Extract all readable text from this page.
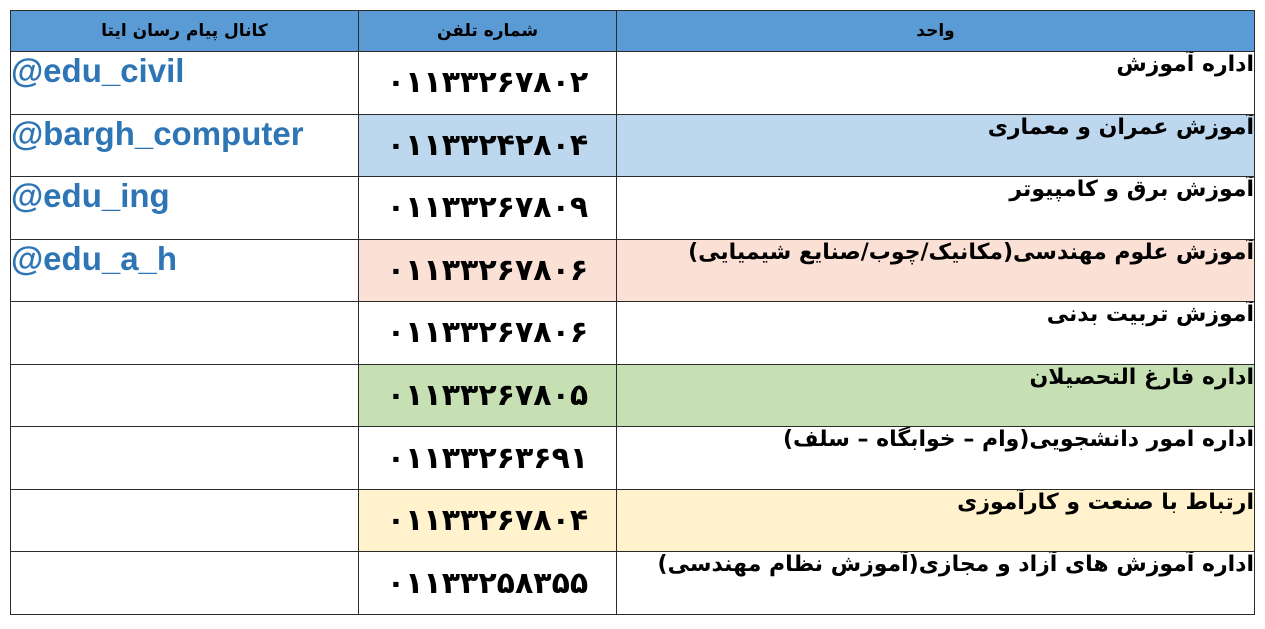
کانال پیام رسان ایتا	شماره تلفن	واحد
@edu_civil	۰۱۱۳۳۲۶۷۸۰۲	اداره آموزش
@bargh_computer	۰۱۱۳۳۲۴۲۸۰۴	آموزش عمران و معماری
@edu_ing	۰۱۱۳۳۲۶۷۸۰۹	آموزش برق و کامپیوتر
@edu_a_h	۰۱۱۳۳۲۶۷۸۰۶	آموزش علوم مهندسی(مکانیک/چوب/صنایع شیمیایی)
	۰۱۱۳۳۲۶۷۸۰۶	آموزش تربیت بدنی
	۰۱۱۳۳۲۶۷۸۰۵	اداره فارغ التحصیلان
	۰۱۱۳۳۲۶۳۶۹۱	اداره امور دانشجویی(وام – خوابگاه – سلف)
	۰۱۱۳۳۲۶۷۸۰۴	ارتباط با صنعت و کارآموزی
	۰۱۱۳۳۲۵۸۳۵۵	اداره آموزش های آزاد و مجازی(آموزش نظام مهندسی)
